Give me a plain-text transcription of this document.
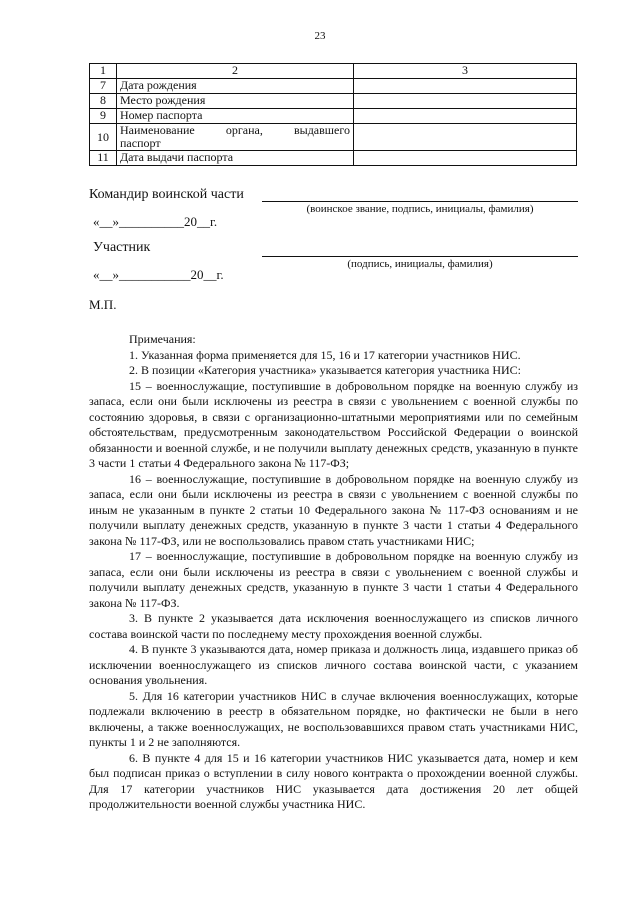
23
1	2	3
7	Дата рождения	
8	Место рождения	
9	Номер паспорта	
10	Наименование органа, выдавшего
паспорт	

11	Дата выдачи паспорта	
Командир воинской части
(воинское звание, подпись, инициалы, фамилия)
«__»__________20__г.
Участник
(подпись, инициалы, фамилия)
«__»___________20__г.
М.П.

Примечания:

1. Указанная форма применяется для 15, 16 и 17 категории участников НИС.

2. В позиции «Категория участника» указывается категория участника НИС:

15 – военнослужащие, поступившие в добровольном порядке на военную службу из запаса, если они были исключены из реестра в связи с увольнением с военной службы по состоянию здоровья, в связи с организационно-штатными мероприятиями или по семейным обстоятельствам, предусмотренным законодательством Российской Федерации о воинской обязанности и военной службе, и не получили выплату денежных средств, указанную в пункте 3 части 1 статьи 4 Федерального закона № 117-ФЗ;

16 – военнослужащие, поступившие в добровольном порядке на военную службу из запаса, если они были исключены из реестра в связи с увольнением с военной службы по иным не указанным в пункте 2 статьи 10 Федерального закона № 117-ФЗ основаниям и не получили выплату денежных средств, указанную в пункте 3 части 1 статьи 4 Федерального закона № 117-ФЗ, или не воспользовались правом стать участниками НИС;

17 – военнослужащие, поступившие в добровольном порядке на военную службу из запаса, если они были исключены из реестра в связи с увольнением с военной службы и получили выплату денежных средств, указанную в пункте 3 части 1 статьи 4 Федерального закона № 117-ФЗ.

3. В пункте 2 указывается дата исключения военнослужащего из списков личного состава воинской части по последнему месту прохождения военной службы.

4. В пункте 3 указываются дата, номер приказа и должность лица, издавшего приказ об исключении военнослужащего из списков личного состава воинской части, с указанием основания увольнения.

5. Для 16 категории участников НИС в случае включения военнослужащих, которые подлежали включению в реестр в обязательном порядке, но фактически не были в него включены, а также военнослужащих, не воспользовавшихся правом стать участниками НИС, пункты 1 и 2 не заполняются.

6. В пункте 4 для 15 и 16 категории участников НИС указывается дата, номер и кем был подписан приказ о вступлении в силу нового контракта о прохождении военной службы. Для 17 категории участников НИС указывается дата достижения 20 лет общей продолжительности военной службы участника НИС.
